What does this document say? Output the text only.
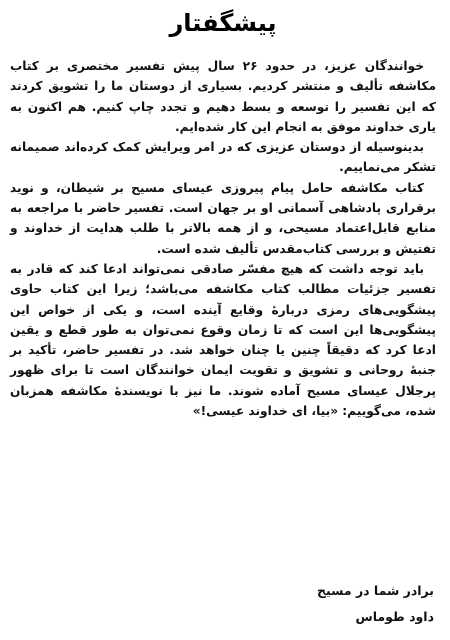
پیشگفتار

خوانندگان عزیز، در حدود ۲۶ سال پیش تفسیر مختصری بر کتاب مکاشفه تألیف و منتشر کردیم. بسیاری از دوستان ما را تشویق کردند که این تفسیر را توسعه و بسط دهیم و تجدد چاپ کنیم. هم اکنون به یاری خداوند موفق به انجام این کار شده‌ایم.

بدینوسیله از دوستان عزیزی که در امر ویرایش کمک کرده‌اند صمیمانه تشکر می‌نماییم.

کتاب مکاشفه حامل پیام پیروزی عیسای مسیح بر شیطان، و نوید برقراری پادشاهی آسمانی او بر جهان است. تفسیر حاضر با مراجعه به منابع قابل‌اعتماد مسیحی، و از همه بالاتر با طلب هدایت از خداوند و تفتیش و بررسی کتاب‌مقدس تألیف شده است.

باید توجه داشت که هیچ مفسّر صادقی نمی‌تواند ادعا کند که قادر به تفسیر جزئیات مطالب کتاب مکاشفه می‌باشد؛ زیرا این کتاب حاوی پیشگویی‌های رمزی دربارهٔ وقایع آینده است، و یکی از خواص این پیشگویی‌ها این است که تا زمان وقوع نمی‌توان به طور قطع و یقین ادعا کرد که دقیقاً چنین یا چنان خواهد شد. در تفسیر حاضر، تأکید بر جنبهٔ روحانی و تشویق و تقویت ایمان خوانندگان است تا برای ظهور پرجلال عیسای مسیح آماده شوند. ما نیز با نویسندهٔ مکاشفه همزبان شده، می‌گوییم: «بیا، ای خداوند عیسی!»

برادر شما در مسیح
داود طوماس
